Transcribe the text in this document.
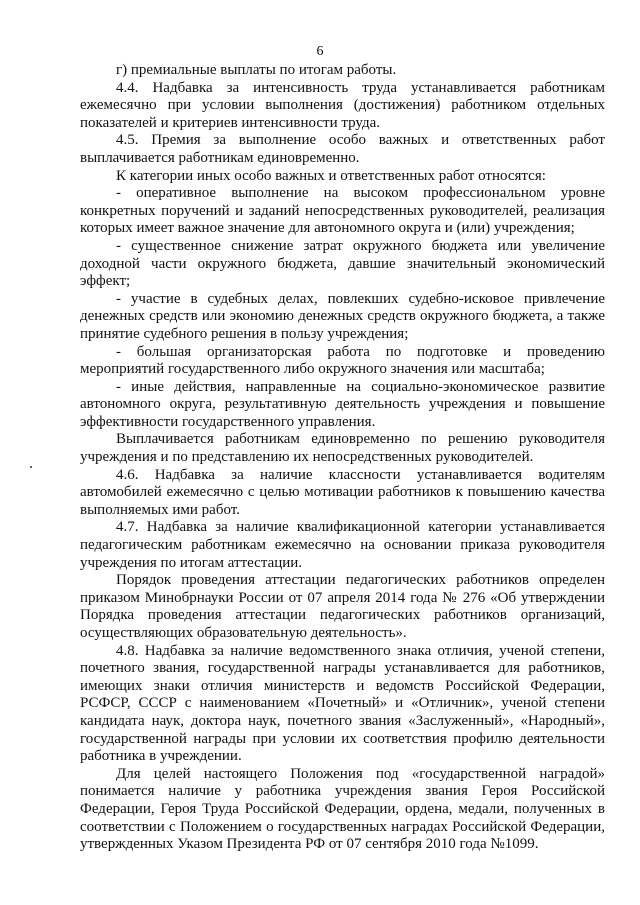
6

г) премиальные выплаты по итогам работы.

4.4. Надбавка за интенсивность труда устанавливается работникам ежемесячно при условии выполнения (достижения) работником отдельных показателей и критериев интенсивности труда.

4.5. Премия за выполнение особо важных и ответственных работ выплачивается работникам единовременно.

К категории иных особо важных и ответственных работ относятся:

- оперативное выполнение на высоком профессиональном уровне конкретных поручений и заданий непосредственных руководителей, реализация которых имеет важное значение для автономного округа и (или) учреждения;

- существенное снижение затрат окружного бюджета или увеличение доходной части окружного бюджета, давшие значительный экономический эффект;

- участие в судебных делах, повлекших судебно-исковое привлечение денежных средств или экономию денежных средств окружного бюджета, а также принятие судебного решения в пользу учреждения;

- большая организаторская работа по подготовке и проведению мероприятий государственного либо окружного значения или масштаба;

- иные действия, направленные на социально-экономическое развитие автономного округа, результативную деятельность учреждения и повышение эффективности государственного управления.

Выплачивается работникам единовременно по решению руководителя учреждения и по представлению их непосредственных руководителей.

4.6. Надбавка за наличие классности устанавливается водителям автомобилей ежемесячно с целью мотивации работников к повышению качества выполняемых ими работ.

4.7. Надбавка за наличие квалификационной категории устанавливается педагогическим работникам ежемесячно на основании приказа руководителя учреждения по итогам аттестации.

Порядок проведения аттестации педагогических работников определен приказом Минобрнауки России от 07 апреля 2014 года № 276 «Об утверждении Порядка проведения аттестации педагогических работников организаций, осуществляющих образовательную деятельность».

4.8. Надбавка за наличие ведомственного знака отличия, ученой степени, почетного звания, государственной награды устанавливается для работников, имеющих знаки отличия министерств и ведомств Российской Федерации, РСФСР, СССР с наименованием «Почетный» и «Отличник», ученой степени кандидата наук, доктора наук, почетного звания «Заслуженный», «Народный», государственной награды при условии их соответствия профилю деятельности работника в учреждении.

Для целей настоящего Положения под «государственной наградой» понимается наличие у работника учреждения звания Героя Российской Федерации, Героя Труда Российской Федерации, ордена, медали, полученных в соответствии с Положением о государственных наградах Российской Федерации, утвержденных Указом Президента РФ от 07 сентября 2010 года №1099.
